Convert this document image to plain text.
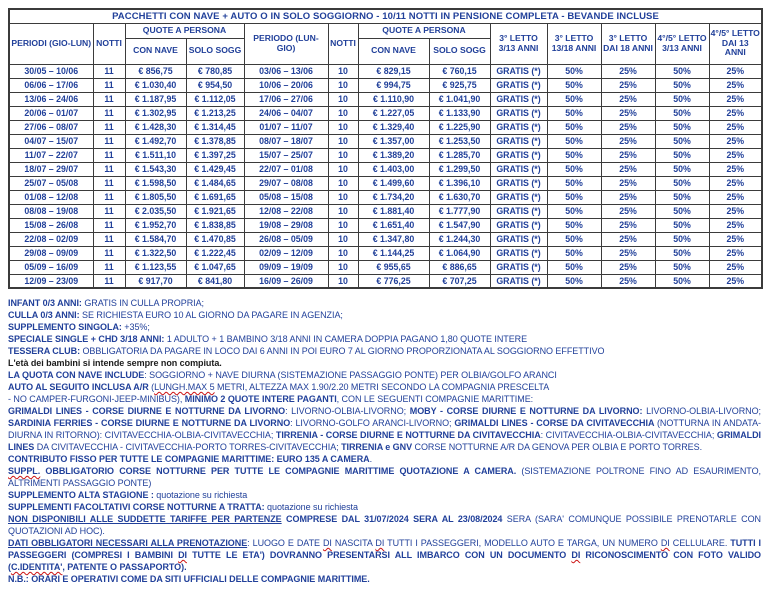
PACCHETTI CON NAVE + AUTO O IN SOLO SOGGIORNO - 10/11 NOTTI IN PENSIONE COMPLETA - BEVANDE INCLUSE												
PERIODI (GIO-LUN)	NOTTI	QUOTE A PERSONA		PERIODO (LUN-GIO)	NOTTI	QUOTE A PERSONA		3° LETTO 3/13 ANNI	3° LETTO 13/18 ANNI	3° LETTO DAI 18 ANNI	4°/5° LETTO 3/13 ANNI	4°/5° LETTO DAI 13 ANNI
		CON NAVE	SOLO SOGG			CON NAVE	SOLO SOGG					
30/05 – 10/06	11	€ 856,75	€ 780,85	03/06 – 13/06	10	€ 829,15	€ 760,15	GRATIS (*)	50%	25%	50%	25%
06/06 – 17/06	11	€ 1.030,40	€ 954,50	10/06 – 20/06	10	€ 994,75	€ 925,75	GRATIS (*)	50%	25%	50%	25%
13/06 – 24/06	11	€ 1.187,95	€ 1.112,05	17/06 – 27/06	10	€ 1.110,90	€ 1.041,90	GRATIS (*)	50%	25%	50%	25%
20/06 – 01/07	11	€ 1.302,95	€ 1.213,25	24/06 – 04/07	10	€ 1.227,05	€ 1.133,90	GRATIS (*)	50%	25%	50%	25%
27/06 – 08/07	11	€ 1.428,30	€ 1.314,45	01/07 – 11/07	10	€ 1.329,40	€ 1.225,90	GRATIS (*)	50%	25%	50%	25%
04/07 – 15/07	11	€ 1.492,70	€ 1.378,85	08/07 – 18/07	10	€ 1.357,00	€ 1.253,50	GRATIS (*)	50%	25%	50%	25%
11/07 – 22/07	11	€ 1.511,10	€ 1.397,25	15/07 – 25/07	10	€ 1.389,20	€ 1.285,70	GRATIS (*)	50%	25%	50%	25%
18/07 – 29/07	11	€ 1.543,30	€ 1.429,45	22/07 – 01/08	10	€ 1.403,00	€ 1.299,50	GRATIS (*)	50%	25%	50%	25%
25/07 – 05/08	11	€ 1.598,50	€ 1.484,65	29/07 – 08/08	10	€ 1.499,60	€ 1.396,10	GRATIS (*)	50%	25%	50%	25%
01/08 – 12/08	11	€ 1.805,50	€ 1.691,65	05/08 – 15/08	10	€ 1.734,20	€ 1.630,70	GRATIS (*)	50%	25%	50%	25%
08/08 – 19/08	11	€ 2.035,50	€ 1.921,65	12/08 – 22/08	10	€ 1.881,40	€ 1.777,90	GRATIS (*)	50%	25%	50%	25%
15/08 – 26/08	11	€ 1.952,70	€ 1.838,85	19/08 – 29/08	10	€ 1.651,40	€ 1.547,90	GRATIS (*)	50%	25%	50%	25%
22/08 – 02/09	11	€ 1.584,70	€ 1.470,85	26/08 – 05/09	10	€ 1.347,80	€ 1.244,30	GRATIS (*)	50%	25%	50%	25%
29/08 – 09/09	11	€ 1.322,50	€ 1.222,45	02/09 – 12/09	10	€ 1.144,25	€ 1.064,90	GRATIS (*)	50%	25%	50%	25%
05/09 – 16/09	11	€ 1.123,55	€ 1.047,65	09/09 – 19/09	10	€ 955,65	€ 886,65	GRATIS (*)	50%	25%	50%	25%
12/09 – 23/09	11	€ 917,70	€ 841,80	16/09 – 26/09	10	€ 776,25	€ 707,25	GRATIS (*)	50%	25%	50%	25%
INFANT 0/3 ANNI: GRATIS IN CULLA PROPRIA;
CULLA 0/3 ANNI: SE RICHIESTA EURO 10 AL GIORNO DA PAGARE IN AGENZIA;
SUPPLEMENTO SINGOLA: +35%;
SPECIALE SINGLE + CHD 3/18 ANNI: 1 ADULTO + 1 BAMBINO 3/18 ANNI IN CAMERA DOPPIA PAGANO 1,80 QUOTE INTERE
TESSERA CLUB: OBBLIGATORIA DA PAGARE IN LOCO DAI 6 ANNI IN POI EURO 7 AL GIORNO PROPORZIONATA AL SOGGIORNO EFFETTIVO
L'età dei bambini si intende sempre non compiuta.
LA QUOTA CON NAVE INCLUDE: SOGGIORNO + NAVE DIURNA (SISTEMAZIONE PASSAGGIO PONTE) PER OLBIA/GOLFO ARANCI
AUTO AL SEGUITO INCLUSA A/R (LUNGH.MAX 5 METRI, ALTEZZA MAX 1.90/2.20 METRI SECONDO LA COMPAGNIA PRESCELTA
- NO CAMPER-FURGONI-JEEP-MINIBUS), MINIMO 2 QUOTE INTERE PAGANTI, CON LE SEGUENTI COMPAGNIE MARITTIME:
GRIMALDI LINES - CORSE DIURNE E NOTTURNE DA LIVORNO: LIVORNO-OLBIA-LIVORNO; MOBY - CORSE DIURNE E NOTTURNE DA LIVORNO: LIVORNO-OLBIA-LIVORNO; SARDINIA FERRIES - CORSE DIURNE E NOTTURNE DA LIVORNO: LIVORNO-GOLFO ARANCI-LIVORNO; GRIMALDI LINES - CORSE DA CIVITAVECCHIA (NOTTURNA IN ANDATA-DIURNA IN RITORNO): CIVITAVECCHIA-OLBIA-CIVITAVECCHIA; TIRRENIA - CORSE DIURNE E NOTTURNE DA CIVITAVECCHIA: CIVITAVECCHIA-OLBIA-CIVITAVECCHIA; GRIMALDI LINES DA CIVITAVECCHIA - CIVITAVECCHIA-PORTO TORRES-CIVITAVECCHIA; TIRRENIA e GNV CORSE NOTTURNE A/R DA GENOVA PER OLBIA E PORTO TORRES.
CONTRIBUTO FISSO PER TUTTE LE COMPAGNIE MARITTIME: EURO 135 A CAMERA.
SUPPL. OBBLIGATORIO CORSE NOTTURNE PER TUTTE LE COMPAGNIE MARITTIME QUOTAZIONE A CAMERA. (SISTEMAZIONE POLTRONE FINO AD ESAURIMENTO, ALTRIMENTI PASSAGGIO PONTE)
SUPPLEMENTO ALTA STAGIONE : quotazione su richiesta
SUPPLEMENTI FACOLTATIVI CORSE NOTTURNE A TRATTA: quotazione su richiesta
NON DISPONIBILI ALLE SUDDETTE TARIFFE PER PARTENZE COMPRESE DAL 31/07/2024 SERA AL 23/08/2024 SERA (SARA' COMUNQUE POSSIBILE PRENOTARLE CON QUOTAZIONI AD HOC).
DATI OBBLIGATORI NECESSARI ALLA PRENOTAZIONE: LUOGO E DATE DI NASCITA DI TUTTI I PASSEGGERI, MODELLO AUTO E TARGA, UN NUMERO DI CELLULARE. TUTTI I PASSEGGERI (COMPRESI I BAMBINI DI TUTTE LE ETA') DOVRANNO PRESENTARSI ALL IMBARCO CON UN DOCUMENTO DI RICONOSCIMENTO CON FOTO VALIDO (C.IDENTITA', PATENTE O PASSAPORTO).
N.B.: ORARI E OPERATIVI COME DA SITI UFFICIALI DELLE COMPAGNIE MARITTIME.
